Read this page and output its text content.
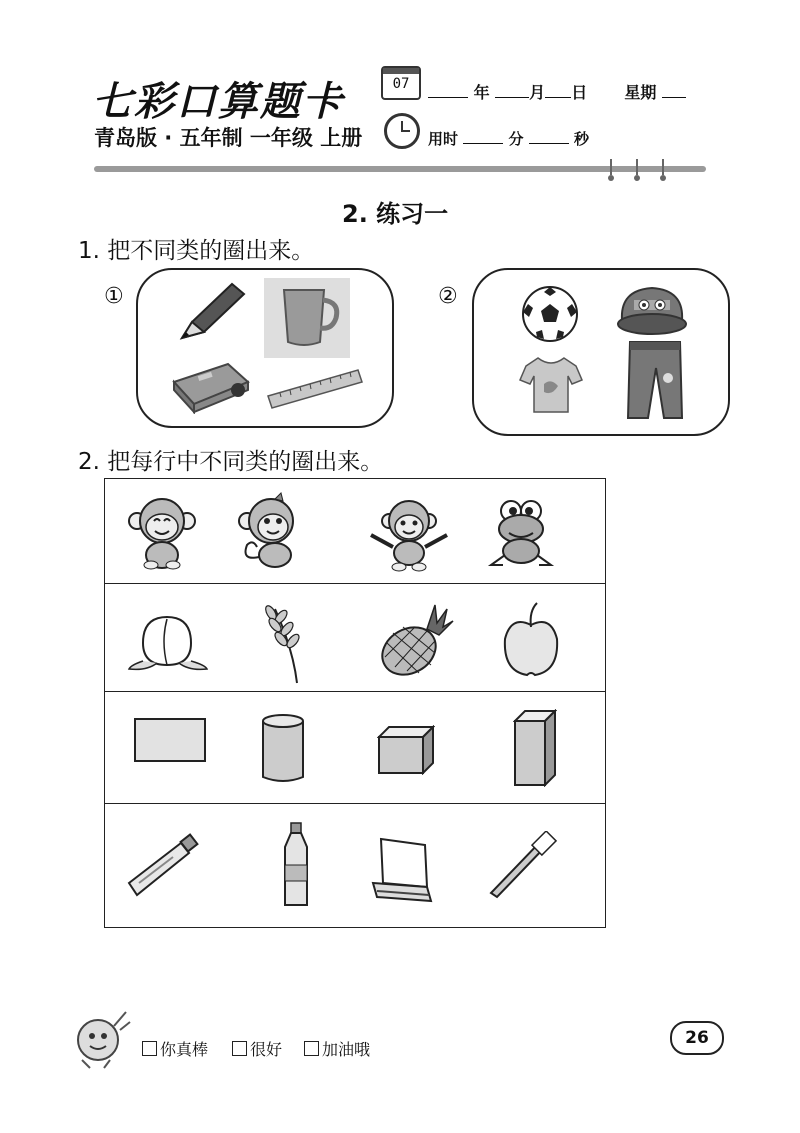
七彩口算题卡	07	年 月 日 星期
青岛版 · 五年制 一年级 上册	用时	分	秒
2. 练习一
1. 把不同类的圈出来。
①	②
2. 把每行中不同类的圈出来。
你真棒	很好	加油哦
26
